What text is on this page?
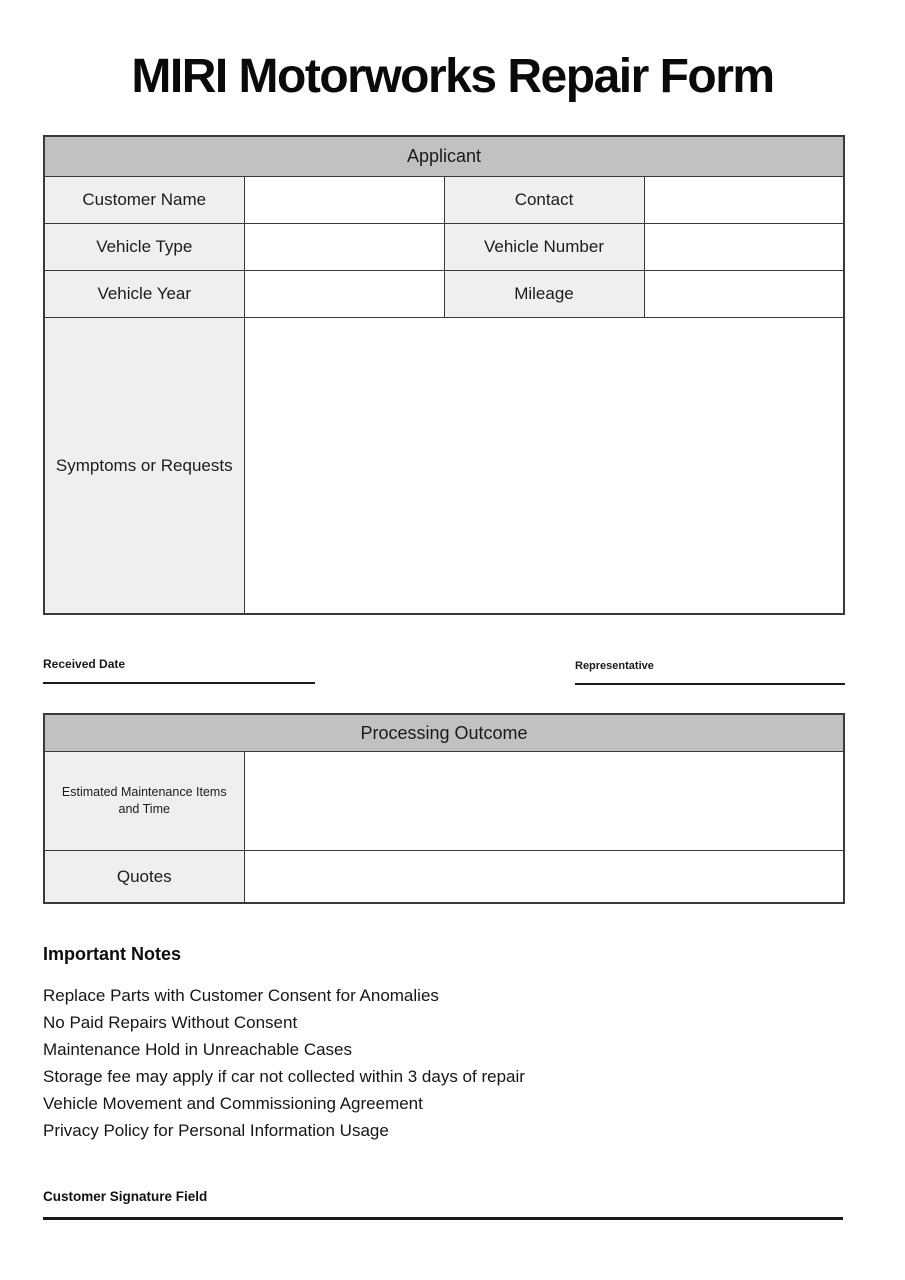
MIRI Motorworks Repair Form
Applicant			
Customer Name		Contact	
Vehicle Type		Vehicle Number	
Vehicle Year		Mileage	
Symptoms or Requests			
Received Date	Representative
Processing Outcome	
Estimated Maintenance Items and Time	
Quotes	
Important Notes
Replace Parts with Customer Consent for Anomalies
No Paid Repairs Without Consent
Maintenance Hold in Unreachable Cases
Storage fee may apply if car not collected within 3 days of repair
Vehicle Movement and Commissioning Agreement
Privacy Policy for Personal Information Usage
Customer Signature Field
